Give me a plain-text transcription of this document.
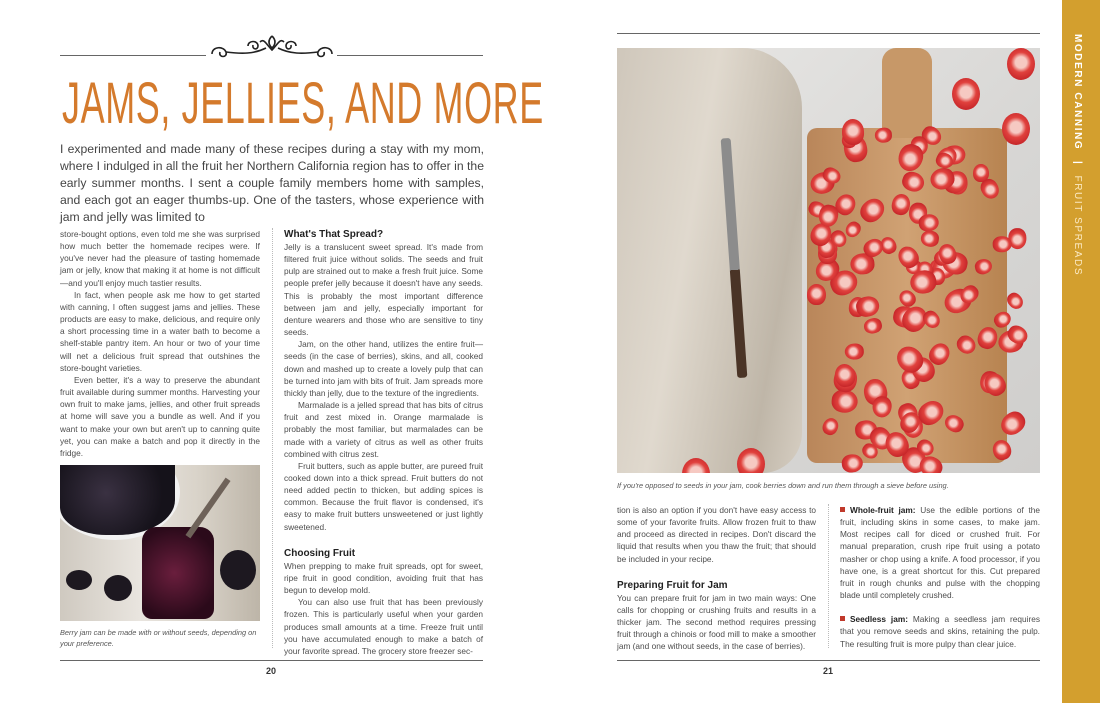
JAMS, JELLIES, AND MORE

I experimented and made many of these recipes during a stay with my mom, where I indulged in all the fruit her Northern California region has to offer in the early summer months. I sent a couple family members home with samples, and each got an eager thumbs-up. One of the tasters, whose experience with jam and jelly was limited to

store-bought options, even told me she was surprised how much better the homemade recipes were. If you've never had the pleasure of tasting homemade jam or jelly, know that making it at home is not difficult—and you'll enjoy much tastier results.

In fact, when people ask me how to get started with canning, I often suggest jams and jellies. These products are easy to make, delicious, and require only a short processing time in a water bath to become a shelf-stable pantry item. An hour or two of your time will net a delicious fruit spread that outshines the store-bought varieties.

Even better, it's a way to preserve the abundant fruit available during summer months. Harvesting your own fruit to make jams, jellies, and other fruit spreads at home will save you a bundle as well. And if you want to make your own but aren't up to canning quite yet, you can make a batch and pop it directly in the fridge.

Berry jam can be made with or without seeds, depending on your preference.

What's That Spread?

Jelly is a translucent sweet spread. It's made from filtered fruit juice without solids. The seeds and fruit pulp are strained out to make a fresh fruit juice. Some people prefer jelly because it doesn't have any seeds. This is probably the most important difference between jam and jelly, especially important for denture wearers and those who are sensitive to tiny seeds.

Jam, on the other hand, utilizes the entire fruit—seeds (in the case of berries), skins, and all, cooked down and mashed up to create a lovely pulp that can be turned into jam with bits of fruit. Jam spreads more thickly than jelly, due to the texture of the ingredients.

Marmalade is a jelled spread that has bits of citrus fruit and zest mixed in. Orange marmalade is probably the most familiar, but marmalades can be made with a variety of citrus as well as other fruits combined with citrus zest.

Fruit butters, such as apple butter, are pureed fruit cooked down into a thick spread. Fruit butters do not need added pectin to thicken, but adding spices is common. Because the fruit flavor is condensed, it's easy to make fruit butters unsweetened or just lightly sweetened.

Choosing Fruit

When prepping to make fruit spreads, opt for sweet, ripe fruit in good condition, avoiding fruit that has begun to develop mold.

You can also use fruit that has been previously frozen. This is particularly useful when your garden produces small amounts at a time. Freeze fruit until you have accumulated enough to make a batch of your favorite spread. The grocery store freezer sec-

20

If you're opposed to seeds in your jam, cook berries down and run them through a sieve before using.

tion is also an option if you don't have easy access to some of your favorite fruits. Allow frozen fruit to thaw and proceed as directed in recipes. Don't discard the liquid that results when you thaw the fruit; that should be included in your recipe.

Preparing Fruit for Jam

You can prepare fruit for jam in two main ways: One calls for chopping or crushing fruits and results in a thicker jam. The second method requires pressing fruit through a chinois or food mill to make a smoother jam (and one without seeds, in the case of berries).

Whole-fruit jam: Use the edible portions of the fruit, including skins in some cases, to make jam. Most recipes call for diced or crushed fruit. For manual preparation, crush ripe fruit using a potato masher or chop using a knife. A food processor, if you have one, is a great shortcut for this. Cut prepared fruit in rough chunks and pulse with the chopping blade until completely crushed.

Seedless jam: Making a seedless jam requires that you remove seeds and skins, retaining the pulp. The resulting fruit is more pulpy than clear juice.

21
MODERN CANNING | FRUIT SPREADS
